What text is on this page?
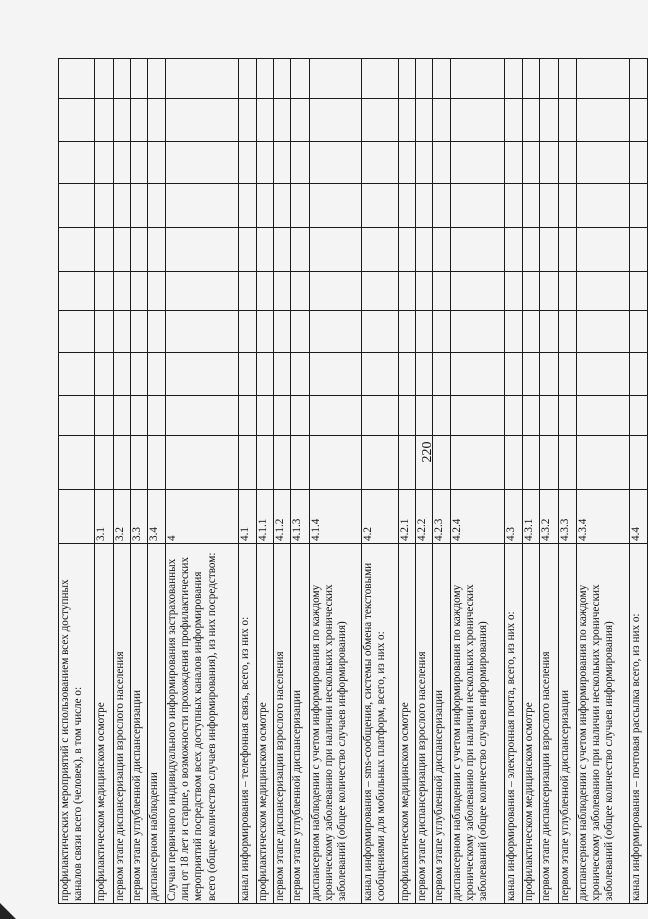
220
профилактических мероприятий с использованием всех доступных каналов связи всего (человек), в том числе о:											
профилактическом медицинском осмотре	3.1										
первом этапе диспансеризации взрослого населения	3.2										
первом этапе углубленной диспансеризации	3.3										
диспансерном наблюдении	3.4										
Случаи первичного индивидуального информирования застрахованных лиц от 18 лет и старше, о возможности прохождения профилактических мероприятий посредством всех доступных каналов информирования всего (общее количество случаев информирования), из них посредством:	4										
канал информирования – телефонная связь, всего, из них о:	4.1										
профилактическом медицинском осмотре	4.1.1										
первом этапе диспансеризации взрослого населения	4.1.2										
первом этапе углубленной диспансеризации	4.1.3										
диспансерном наблюдении с учетом информирования по каждому хроническому заболеванию при наличии нескольких хронических заболеваний (общее количество случаев информирования)	4.1.4										
канал информирования – sms-сообщения, системы обмена текстовыми сообщениями для мобильных платформ, всего, из них о:	4.2										
профилактическом медицинском осмотре	4.2.1										
первом этапе диспансеризации взрослого населения	4.2.2										
первом этапе углубленной диспансеризации	4.2.3										
диспансерном наблюдении с учетом информирования по каждому хроническому заболеванию при наличии нескольких хронических заболеваний (общее количество случаев информирования)	4.2.4										
канал информирования – электронная почта, всего, из них о:	4.3										
профилактическом медицинском осмотре	4.3.1										
первом этапе диспансеризации взрослого населения	4.3.2										
первом этапе углубленной диспансеризации	4.3.3										
диспансерном наблюдении с учетом информирования по каждому хроническому заболеванию при наличии нескольких хронических заболеваний (общее количество случаев информирования)	4.3.4										
канал информирования – почтовая рассылка всего, из них о:	4.4										
